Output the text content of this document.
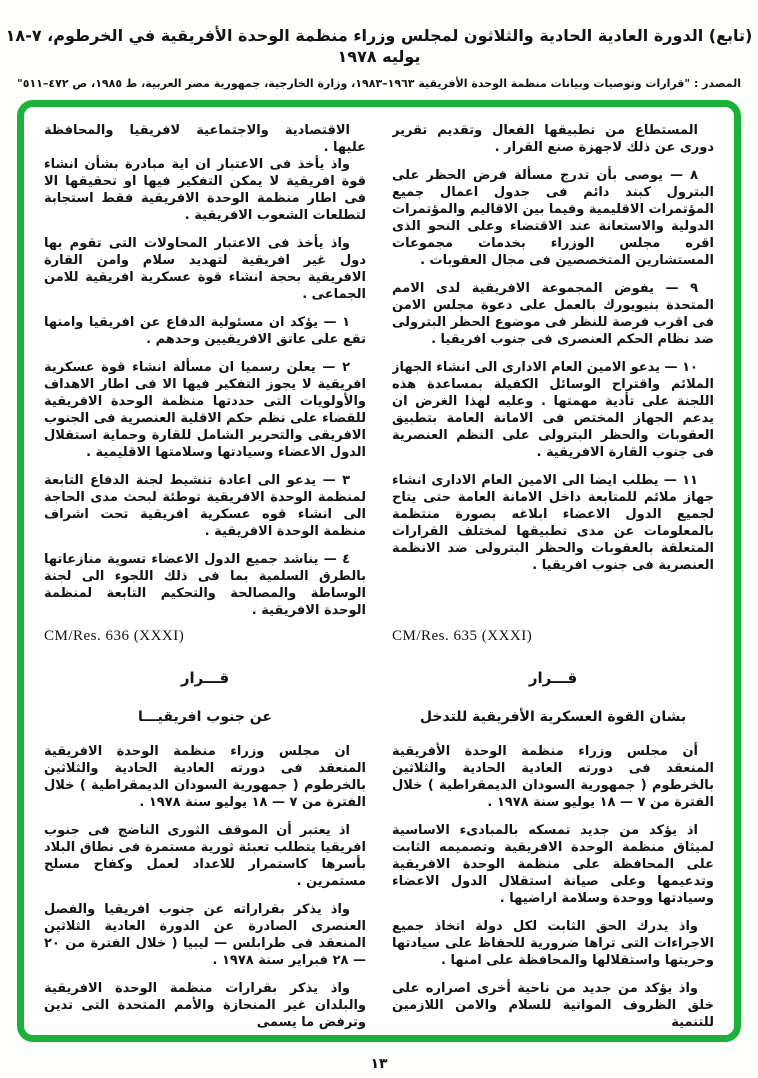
(تابع) الدورة العادية الحادية والثلاثون لمجلس وزراء منظمة الوحدة الأفريقية في الخرطوم، ٧-١٨ يوليه ١٩٧٨
المصدر : "قرارات وتوصيات وبيانات منظمة الوحدة الأفريقية ١٩٦٣–١٩٨٣، وزارة الخارجية، جمهورية مصر العربية، ط ١٩٨٥، ص ٤٧٢–٥١١"

المستطاع من تطبيقها الفعال وتقديم تقرير دورى عن ذلك لاجهزة صنع القرار .

٨ — يوصى بأن تدرج مسألة فرض الحظر على البترول كبند دائم فى جدول اعمال جميع المؤتمرات الاقليمية وفيما بين الاقاليم والمؤتمرات الدولية والاستعانة عند الاقتضاء وعلى النحو الذى اقره مجلس الوزراء بخدمات مجموعات المستشارين المتخصصين فى مجال العقوبات .

٩ — يفوض المجموعة الافريقية لدى الامم المتحدة بنيويورك بالعمل على دعوة مجلس الامن فى اقرب فرصة للنظر فى موضوع الحظر البترولى ضد نظام الحكم العنصرى فى جنوب افريقيا .

١٠ — يدعو الامين العام الادارى الى انشاء الجهاز الملائم واقتراح الوسائل الكفيلة بمساعدة هذه اللجنة على تأدية مهمتها . وعليه لهذا الغرض ان يدعم الجهاز المختص فى الامانة العامة بتطبيق العقوبات والحظر البترولى على النظم العنصرية فى جنوب القارة الافريقية .

١١ — يطلب ايضا الى الامين العام الادارى انشاء جهاز ملائم للمتابعة داخل الامانة العامة حتى يتاح لجميع الدول الاعضاء ابلاغه بصورة منتظمة بالمعلومات عن مدى تطبيقها لمختلف القرارات المتعلقة بالعقوبات والحظر البترولى ضد الانظمة العنصرية فى جنوب افريقيا .

CM/Res. 635 (XXXI)
قـــرار
بشان القوة العسكرية الأفريقية للتدخل

أن مجلس وزراء منظمة الوحدة الأفريقية المنعقد فى دورته العادية الحادية والثلاثين بالخرطوم ( جمهورية السودان الديمقراطية ) خلال الفترة من ٧ — ١٨ يوليو سنة ١٩٧٨ .

اذ يؤكد من جديد تمسكه بالمبادىء الاساسية لميثاق منظمة الوحدة الافريقية وتصميمه الثابت على المحافظة على منظمة الوحدة الافريقية وتدعيمها وعلى صيانة استقلال الدول الاعضاء وسيادتها ووحدة وسلامة اراضيها .

واذ يدرك الحق الثابت لكل دولة اتخاذ جميع الاجراءات التى تراها ضرورية للحفاظ على سيادتها وحريتها واستقلالها والمحافظة على امنها .

واذ يؤكد من جديد من ناحية أخرى اصراره على خلق الظروف المواتية للسلام والامن اللازمين للتنمية

الاقتصادية والاجتماعية لافريقيا والمحافظة عليها .

واذ يأخذ فى الاعتبار ان اية مبادرة بشأن انشاء قوة افريقية لا يمكن التفكير فيها او تحقيقها الا فى اطار منظمة الوحدة الافريقية فقط استجابة لتطلعات الشعوب الافريقية .

واذ يأخذ فى الاعتبار المحاولات التى تقوم بها دول غير افريقية لتهديد سلام وامن القارة الافريقية بحجة انشاء قوة عسكرية افريقية للامن الجماعى .

١ — يؤكد ان مسئولية الدفاع عن افريقيا وامنها تقع على عاتق الافريقيين وحدهم .

٢ — يعلن رسميا ان مسألة انشاء قوة عسكرية افريقية لا يجوز التفكير فيها الا فى اطار الاهداف والأولويات التى حددتها منظمة الوحدة الافريقية للقضاء على نظم حكم الاقلية العنصرية فى الجنوب الافريقى والتحرير الشامل للقارة وحماية استقلال الدول الاعضاء وسيادتها وسلامتها الاقليمية .

٣ — يدعو الى اعادة تنشيط لجنة الدفاع التابعة لمنظمة الوحدة الافريقية توطئة لبحث مدى الحاجة الى انشاء قوه عسكرية افريقية تحت اشراف منظمة الوحدة الافريقية .

٤ — يناشد جميع الدول الاعضاء تسوية منازعاتها بالطرق السلمية بما فى ذلك اللجوء الى لجنة الوساطة والمصالحة والتحكيم التابعة لمنظمة الوحدة الافريقية .

CM/Res. 636 (XXXI)
قـــرار
عن جنوب افريقيـــا

ان مجلس وزراء منظمة الوحدة الافريقية المنعقد فى دورته العادية الحادية والثلاثين بالخرطوم ( جمهورية السودان الديمقراطية ) خلال الفترة من ٧ — ١٨ يوليو سنة ١٩٧٨ .

اذ يعتبر أن الموقف الثورى الناضج فى جنوب افريقيا يتطلب تعبئة ثورية مستمرة فى نطاق البلاد بأسرها كاستمرار للاعداد لعمل وكفاح مسلح مستمرين .

واذ يذكر بقراراته عن جنوب افريقيا والفصل العنصرى الصادرة عن الدورة العادية الثلاثين المنعقد فى طرابلس — ليبيا ( خلال الفترة من ٢٠ — ٢٨ فبراير سنة ١٩٧٨ .

واذ يذكر بقرارات منظمة الوحدة الافريقية والبلدان غير المنحازة والأمم المتحدة التى تدين وترفض ما يسمى

١٣
